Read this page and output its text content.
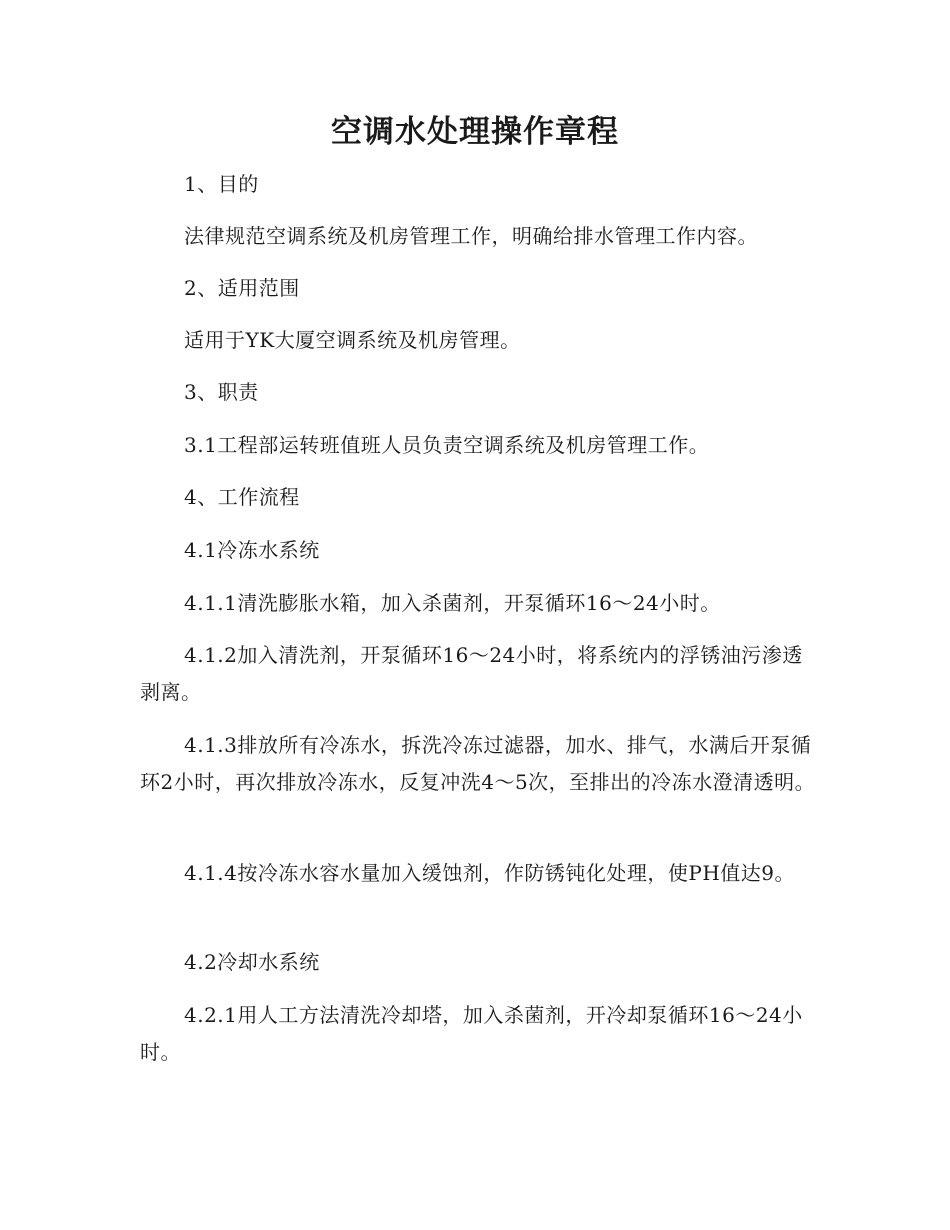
空调水处理操作章程

1、目的

法律规范空调系统及机房管理工作，明确给排水管理工作内容。

2、适用范围

适用于YK大厦空调系统及机房管理。

3、职责

3.1工程部运转班值班人员负责空调系统及机房管理工作。

4、工作流程

4.1冷冻水系统

4.1.1清洗膨胀水箱，加入杀菌剂，开泵循环16～24小时。

4.1.2加入清洗剂，开泵循环16～24小时，将系统内的浮锈油污渗透剥离。

4.1.3排放所有冷冻水，拆洗冷冻过滤器，加水、排气，水满后开泵循环2小时，再次排放冷冻水，反复冲洗4～5次，至排出的冷冻水澄清透明。

4.1.4按冷冻水容水量加入缓蚀剂，作防锈钝化处理，使PH值达9。

4.2冷却水系统

4.2.1用人工方法清洗冷却塔，加入杀菌剂，开冷却泵循环16～24小时。
